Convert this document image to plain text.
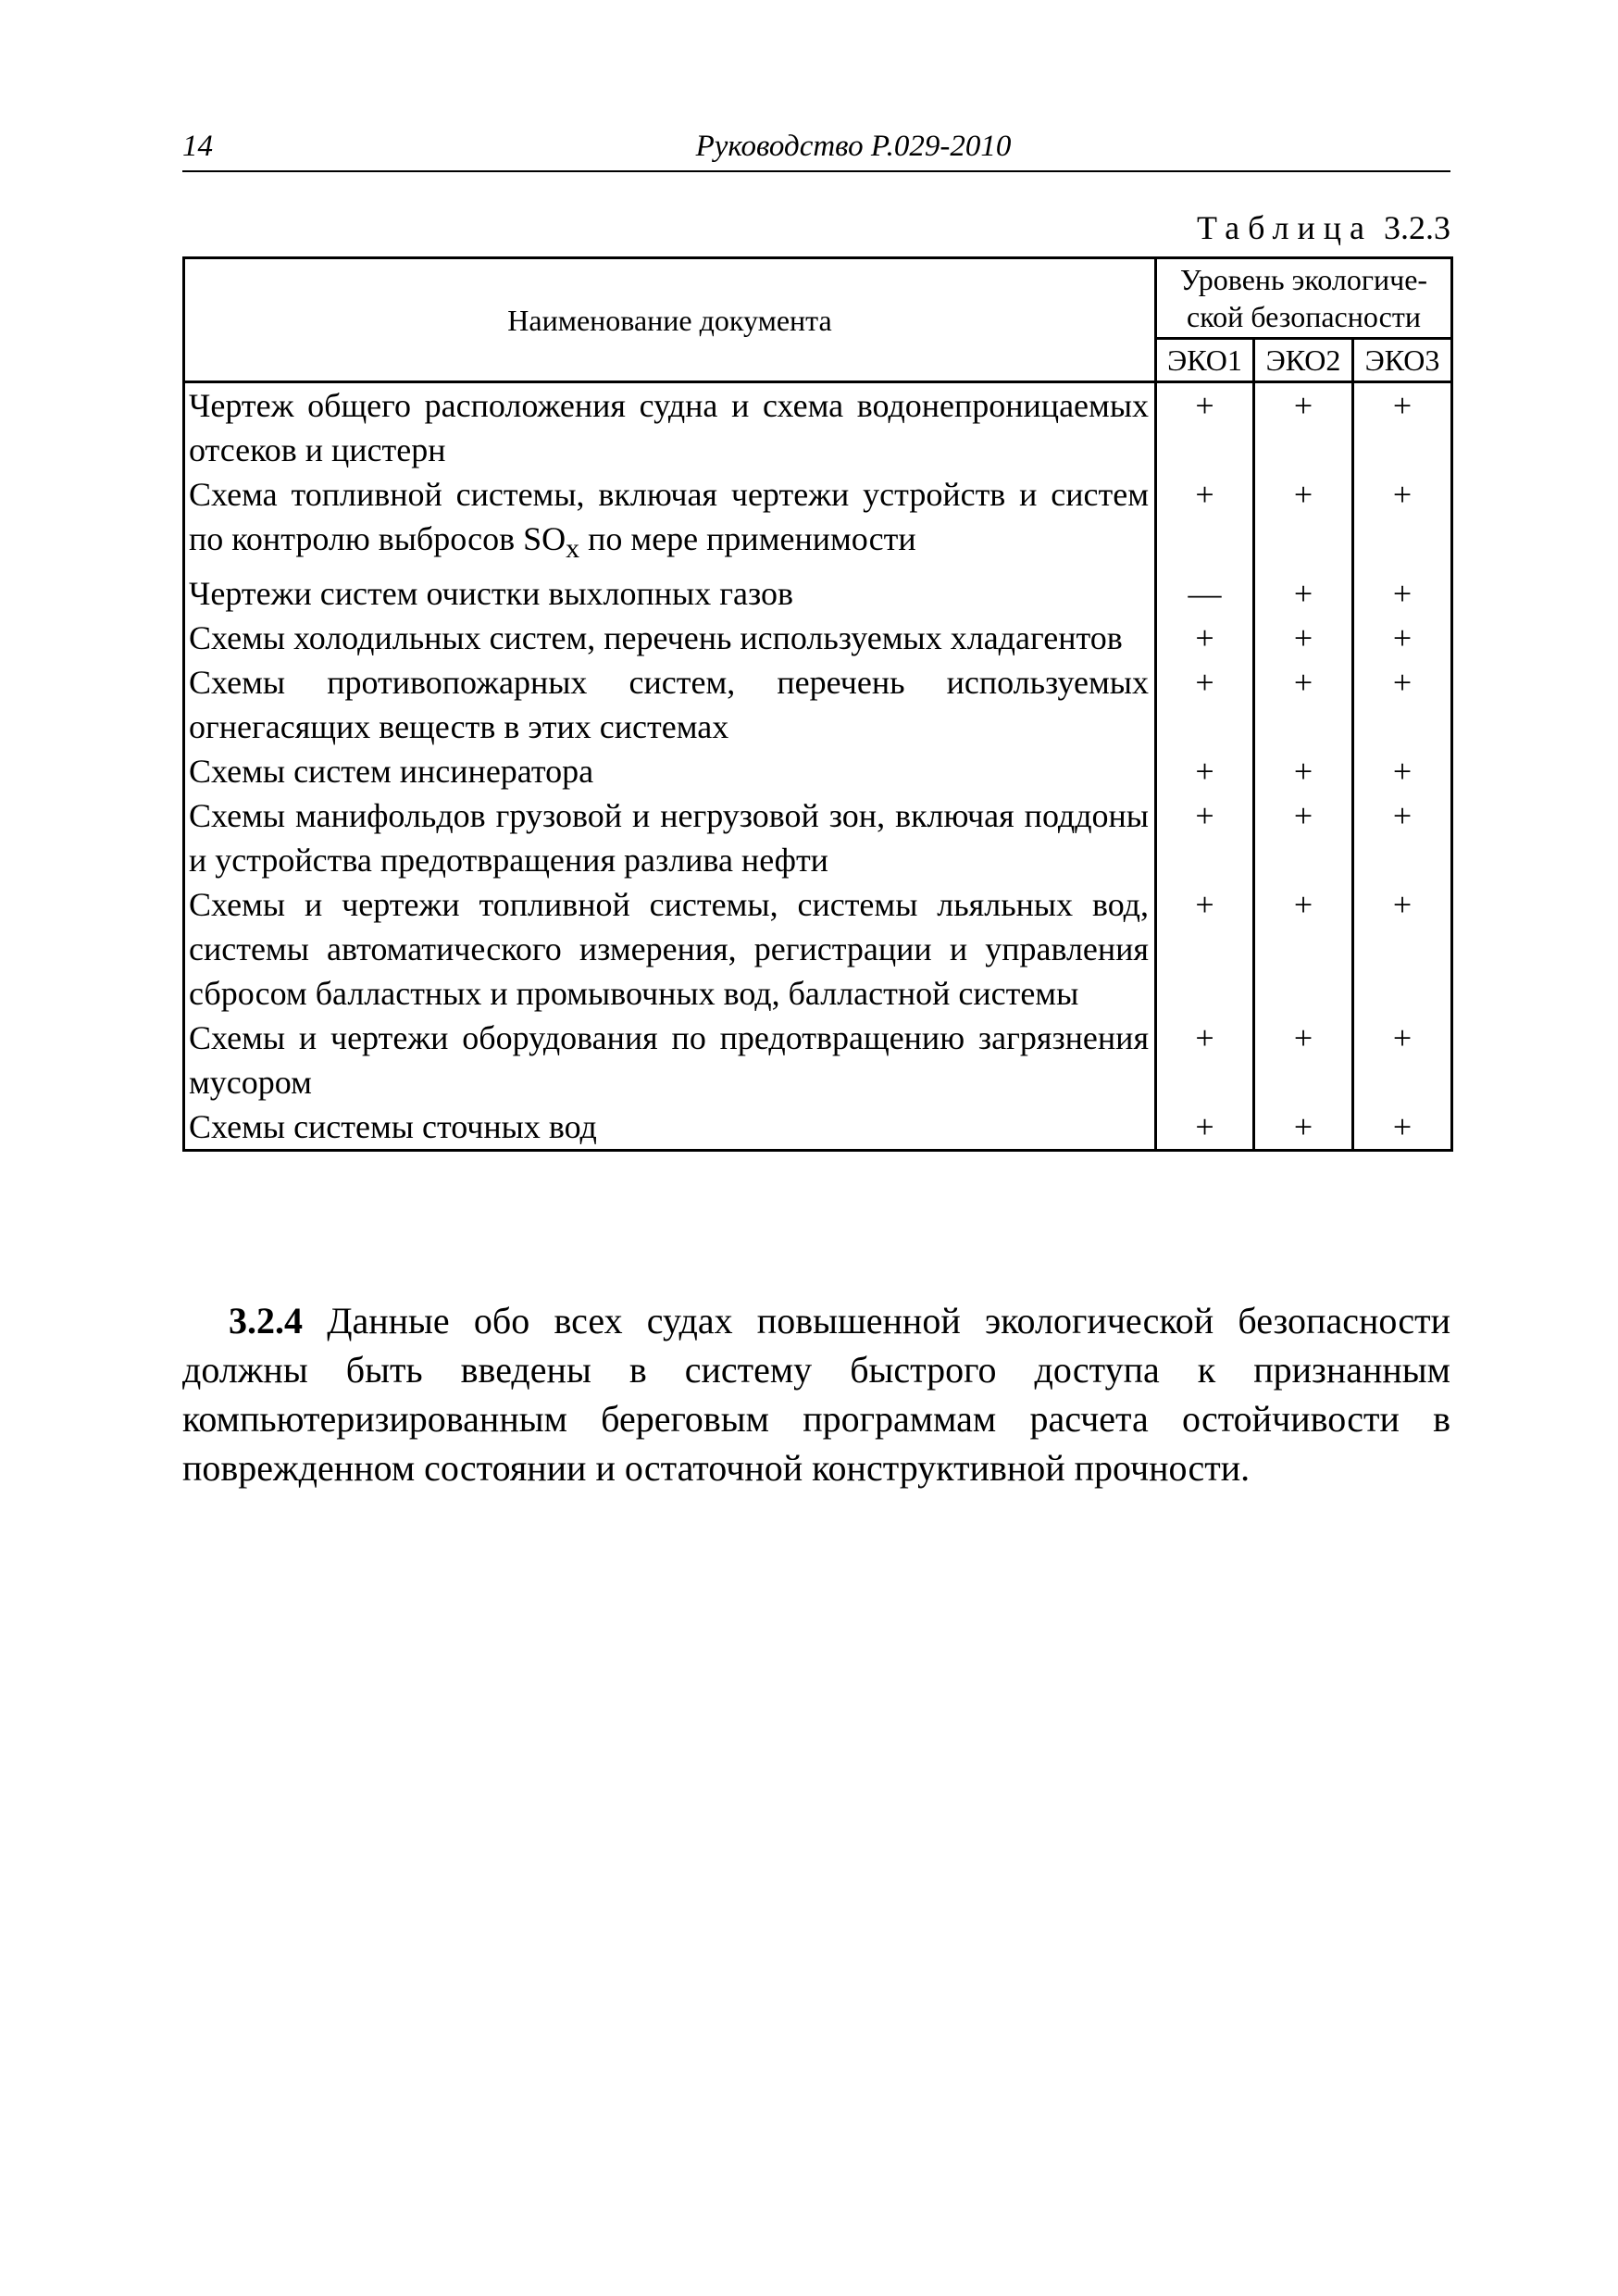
14	Руководство Р.029-2010
Таблица 3.2.3
Наименование документа	Уровень экологиче-ской безопасности		
	ЭКО1	ЭКО2	ЭКО3
Чертеж общего расположения судна и схема водонепроницаемых отсеков и цистерн	+	+	+
Схема топливной системы, включая чертежи устройств и систем по контролю выбросов $SO_x$ по мере применимости	+	+	+
Чертежи систем очистки выхлопных газов	—	+	+
Схемы холодильных систем, перечень используемых хладагентов	+	+	+
Схемы противопожарных систем, перечень используемых огнегасящих веществ в этих системах	+	+	+
Схемы систем инсинератора	+	+	+
Схемы манифольдов грузовой и негрузовой зон, включая поддоны и устройства предотвращения разлива нефти	+	+	+
Схемы и чертежи топливной системы, системы льяльных вод, системы автоматического измерения, регистрации и управления сбросом балластных и промывочных вод, балластной системы	+	+	+
Схемы и чертежи оборудования по предотвращению загрязнения мусором	+	+	+
Схемы системы сточных вод	+	+	+

3.2.4 Данные обо всех судах повышенной экологической безопасности должны быть введены в систему быстрого доступа к признанным компьютеризированным береговым программам расчета остойчивости в поврежденном состоянии и остаточной конструктивной прочности.
